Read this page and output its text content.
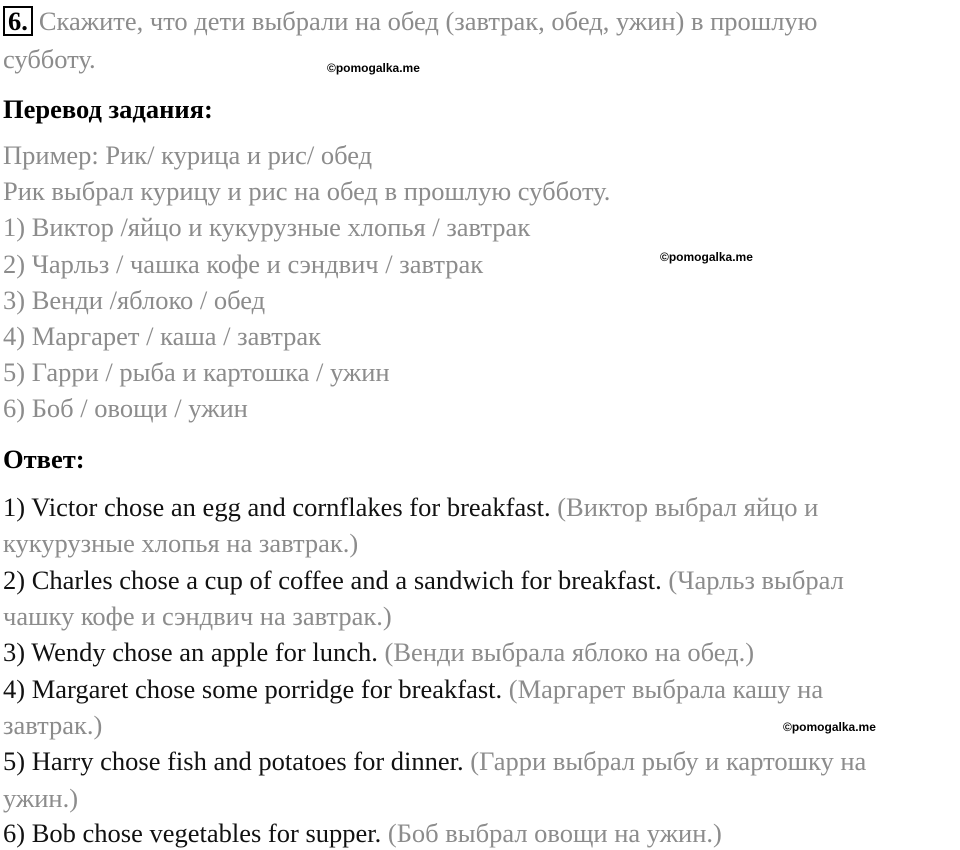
6. Скажите, что дети выбрали на обед (завтрак, обед, ужин) в прошлую
субботу.	©pomogalka.me
Перевод задания:
Пример: Рик/ курица и рис/ обед
Рик выбрал курицу и рис на обед в прошлую субботу.
1) Виктор /яйцо и кукурузные хлопья / завтрак
2) Чарльз / чашка кофе и сэндвич / завтрак	©pomogalka.me
3) Венди /яблоко / обед
4) Маргарет / каша / завтрак
5) Гарри / рыба и картошка / ужин
6) Боб / овощи / ужин
Ответ:
1) Victor chose an egg and cornflakes for breakfast. (Виктор выбрал яйцо и
кукурузные хлопья на завтрак.)
2) Charles chose a cup of coffee and a sandwich for breakfast. (Чарльз выбрал
чашку кофе и сэндвич на завтрак.)
3) Wendy chose an apple for lunch. (Венди выбрала яблоко на обед.)
4) Margaret chose some porridge for breakfast. (Маргарет выбрала кашу на
завтрак.)	©pomogalka.me
5) Harry chose fish and potatoes for dinner. (Гарри выбрал рыбу и картошку на
ужин.)
6) Bob chose vegetables for supper. (Боб выбрал овощи на ужин.)
